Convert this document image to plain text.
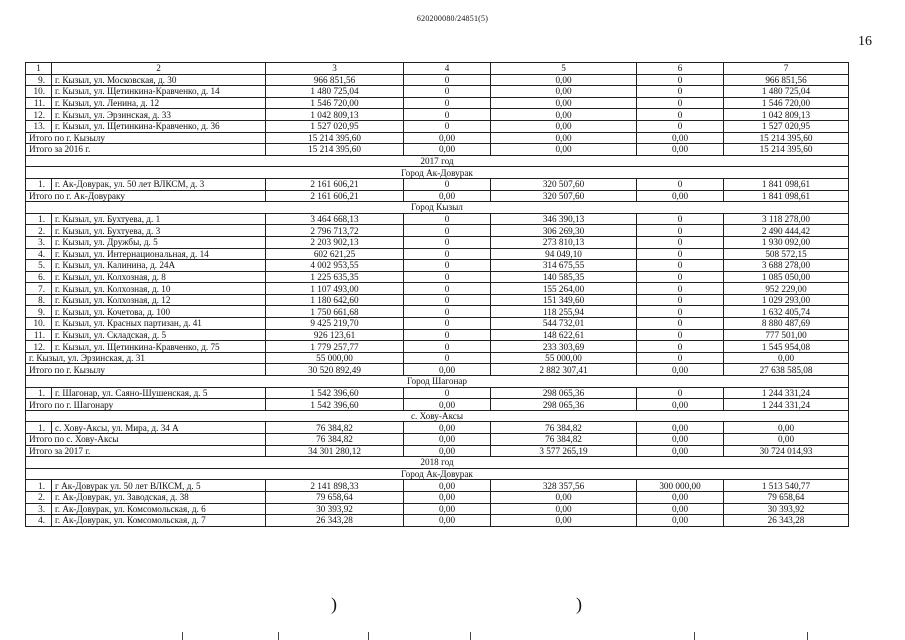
620200080/24851(5)
16
1	2	3	4	5	6	7
9.	г. Кызыл, ул. Московская, д. 30	966 851,56	0	0,00	0	966 851,56
10.	г. Кызыл, ул. Щетинкина-Кравченко, д. 14	1 480 725,04	0	0,00	0	1 480 725,04
11.	г. Кызыл, ул. Ленина, д. 12	1 546 720,00	0	0,00	0	1 546 720,00
12.	г. Кызыл, ул. Эрзинская, д. 33	1 042 809,13	0	0,00	0	1 042 809,13
13.	г. Кызыл, ул. Щетинкина-Кравченко, д. 36	1 527 020,95	0	0,00	0	1 527 020,95
Итого по г. Кызылу		15 214 395,60	0,00	0,00	0,00	15 214 395,60
Итого за 2016 г.		15 214 395,60	0,00	0,00	0,00	15 214 395,60
2017 год						
Город Ак-Довурак						
1.	г. Ак-Довурак, ул. 50 лет ВЛКСМ, д. 3	2 161 606,21	0	320 507,60	0	1 841 098,61
Итого по г. Ак-Довураку		2 161 606,21	0,00	320 507,60	0,00	1 841 098,61
Город Кызыл						
1.	г. Кызыл, ул. Бухтуева, д. 1	3 464 668,13	0	346 390,13	0	3 118 278,00
2.	г. Кызыл, ул. Бухтуева, д. 3	2 796 713,72	0	306 269,30	0	2 490 444,42
3.	г. Кызыл, ул. Дружбы, д. 5	2 203 902,13	0	273 810,13	0	1 930 092,00
4.	г. Кызыл, ул. Интернациональная, д. 14	602 621,25	0	94 049,10	0	508 572,15
5.	г. Кызыл, ул. Калинина, д. 24А	4 002 953,55	0	314 675,55	0	3 688 278,00
6.	г. Кызыл, ул. Колхозная, д. 8	1 225 635,35	0	140 585,35	0	1 085 050,00
7.	г. Кызыл, ул. Колхозная, д. 10	1 107 493,00	0	155 264,00	0	952 229,00
8.	г. Кызыл, ул. Колхозная, д. 12	1 180 642,60	0	151 349,60	0	1 029 293,00
9.	г. Кызыл, ул. Кочетова, д. 100	1 750 661,68	0	118 255,94	0	1 632 405,74
10.	г. Кызыл, ул. Красных партизан, д. 41	9 425 219,70	0	544 732,01	0	8 880 487,69
11.	г. Кызыл, ул. Складская, д. 5	926 123,61	0	148 622,61	0	777 501,00
12.	г. Кызыл, ул. Щетинкина-Кравченко, д. 75	1 779 257,77	0	233 303,69	0	1 545 954,08
г. Кызыл, ул. Эрзинская, д. 31		55 000,00	0	55 000,00	0	0,00
Итого по г. Кызылу		30 520 892,49	0,00	2 882 307,41	0,00	27 638 585,08
Город Шагонар						
1.	г. Шагонар, ул. Саяно-Шушенская, д. 5	1 542 396,60	0	298 065,36	0	1 244 331,24
Итого по г. Шагонару		1 542 396,60	0,00	298 065,36	0,00	1 244 331,24
с. Хову-Аксы						
1.	с. Хову-Аксы, ул. Мира, д. 34 А	76 384,82	0,00	76 384,82	0,00	0,00
Итого по с. Хову-Аксы		76 384,82	0,00	76 384,82	0,00	0,00
Итого за 2017 г.		34 301 280,12	0,00	3 577 265,19	0,00	30 724 014,93
2018 год						
Город Ак-Довурак						
1.	г Ак-Довурак ул. 50 лет ВЛКСМ, д. 5	2 141 898,33	0,00	328 357,56	300 000,00	1 513 540,77
2.	г. Ак-Довурак, ул. Заводская, д. 38	79 658,64	0,00	0,00	0,00	79 658,64
3.	г. Ак-Довурак, ул. Комсомольская, д. 6	30 393,92	0,00	0,00	0,00	30 393,92
4.	г. Ак-Довурак, ул. Комсомольская, д. 7	26 343,28	0,00	0,00	0,00	26 343,28
)	)
